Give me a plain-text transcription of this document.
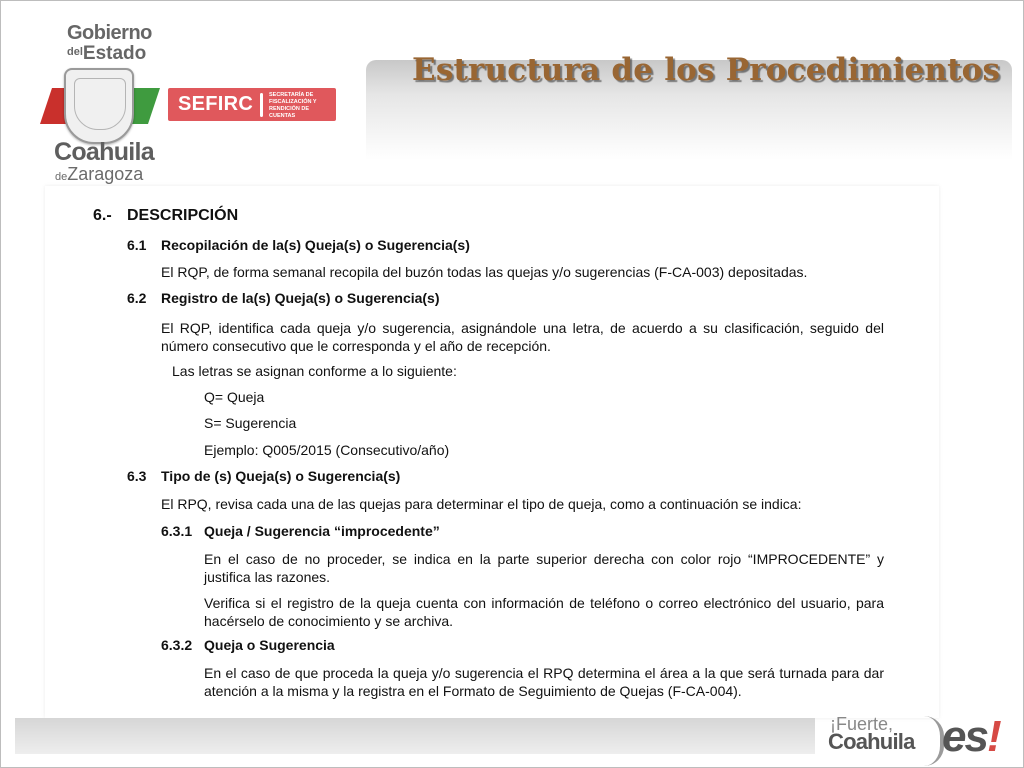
Gobierno
$^{del}$Estado
SEFIRC	SECRETARÍA DE FISCALIZACIÓN Y RENDICIÓN DE CUENTAS
Coahuila
deZaragoza
Estructura de los Procedimientos
6.- DESCRIPCIÓN
6.1 Recopilación de la(s) Queja(s) o Sugerencia(s)
El RQP, de forma semanal recopila del buzón todas las quejas y/o sugerencias (F-CA-003) depositadas.
6.2 Registro de la(s) Queja(s) o Sugerencia(s)
El RQP, identifica cada queja y/o sugerencia, asignándole una letra, de acuerdo a su clasificación, seguido del número consecutivo que le corresponda y el año de recepción.
Las letras se asignan conforme a lo siguiente:
Q= Queja
S= Sugerencia
Ejemplo: Q005/2015 (Consecutivo/año)
6.3 Tipo de (s) Queja(s) o Sugerencia(s)
El RPQ, revisa cada una de las quejas para determinar el tipo de queja, como a continuación se indica:
6.3.1 Queja / Sugerencia “improcedente”
En el caso de no proceder, se indica en la parte superior derecha con color rojo “IMPROCEDENTE” y justifica las razones.
Verifica si el registro de la queja cuenta con información de teléfono o correo electrónico del usuario, para hacérselo de conocimiento y se archiva.
6.3.2 Queja o Sugerencia
En el caso de que proceda la queja y/o sugerencia el RPQ determina el área a la que será turnada para dar atención a la misma y la registra en el Formato de Seguimiento de Quejas (F-CA-004).
¡Fuerte,
Coahuila es!
